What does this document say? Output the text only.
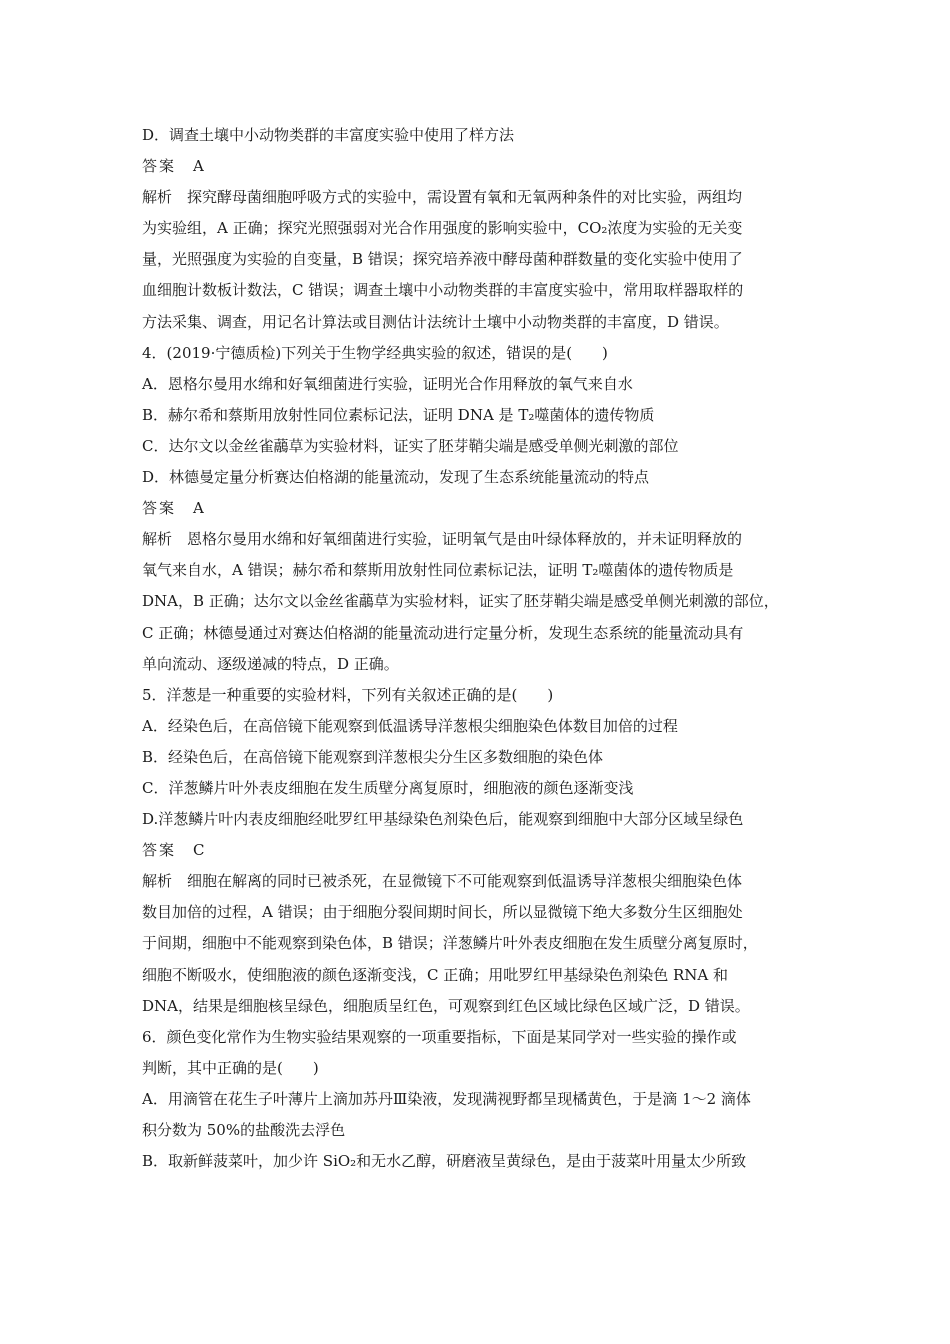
D．调查土壤中小动物类群的丰富度实验中使用了样方法

答案　A

解析　探究酵母菌细胞呼吸方式的实验中，需设置有氧和无氧两种条件的对比实验，两组均

为实验组，A 正确；探究光照强弱对光合作用强度的影响实验中，CO₂浓度为实验的无关变

量，光照强度为实验的自变量，B 错误；探究培养液中酵母菌种群数量的变化实验中使用了

血细胞计数板计数法，C 错误；调查土壤中小动物类群的丰富度实验中，常用取样器取样的

方法采集、调查，用记名计算法或目测估计法统计土壤中小动物类群的丰富度，D 错误。

4．(2019·宁德质检)下列关于生物学经典实验的叙述，错误的是(　　)

A．恩格尔曼用水绵和好氧细菌进行实验，证明光合作用释放的氧气来自水

B．赫尔希和蔡斯用放射性同位素标记法，证明 DNA 是 T₂噬菌体的遗传物质

C．达尔文以金丝雀虉草为实验材料，证实了胚芽鞘尖端是感受单侧光刺激的部位

D．林德曼定量分析赛达伯格湖的能量流动，发现了生态系统能量流动的特点

答案　A

解析　恩格尔曼用水绵和好氧细菌进行实验，证明氧气是由叶绿体释放的，并未证明释放的

氧气来自水，A 错误；赫尔希和蔡斯用放射性同位素标记法，证明 T₂噬菌体的遗传物质是

DNA，B 正确；达尔文以金丝雀虉草为实验材料，证实了胚芽鞘尖端是感受单侧光刺激的部位，

C 正确；林德曼通过对赛达伯格湖的能量流动进行定量分析，发现生态系统的能量流动具有

单向流动、逐级递减的特点，D 正确。

5．洋葱是一种重要的实验材料，下列有关叙述正确的是(　　)

A．经染色后，在高倍镜下能观察到低温诱导洋葱根尖细胞染色体数目加倍的过程

B．经染色后，在高倍镜下能观察到洋葱根尖分生区多数细胞的染色体

C．洋葱鳞片叶外表皮细胞在发生质壁分离复原时，细胞液的颜色逐渐变浅

D.洋葱鳞片叶内表皮细胞经吡罗红甲基绿染色剂染色后，能观察到细胞中大部分区域呈绿色

答案　C

解析　细胞在解离的同时已被杀死，在显微镜下不可能观察到低温诱导洋葱根尖细胞染色体

数目加倍的过程，A 错误；由于细胞分裂间期时间长，所以显微镜下绝大多数分生区细胞处

于间期，细胞中不能观察到染色体，B 错误；洋葱鳞片叶外表皮细胞在发生质壁分离复原时，

细胞不断吸水，使细胞液的颜色逐渐变浅，C 正确；用吡罗红甲基绿染色剂染色 RNA 和

DNA，结果是细胞核呈绿色，细胞质呈红色，可观察到红色区域比绿色区域广泛，D 错误。

6．颜色变化常作为生物实验结果观察的一项重要指标，下面是某同学对一些实验的操作或

判断，其中正确的是(　　)

A．用滴管在花生子叶薄片上滴加苏丹Ⅲ染液，发现满视野都呈现橘黄色，于是滴 1～2 滴体

积分数为 50%的盐酸洗去浮色

B．取新鲜菠菜叶，加少许 SiO₂和无水乙醇，研磨液呈黄绿色，是由于菠菜叶用量太少所致
